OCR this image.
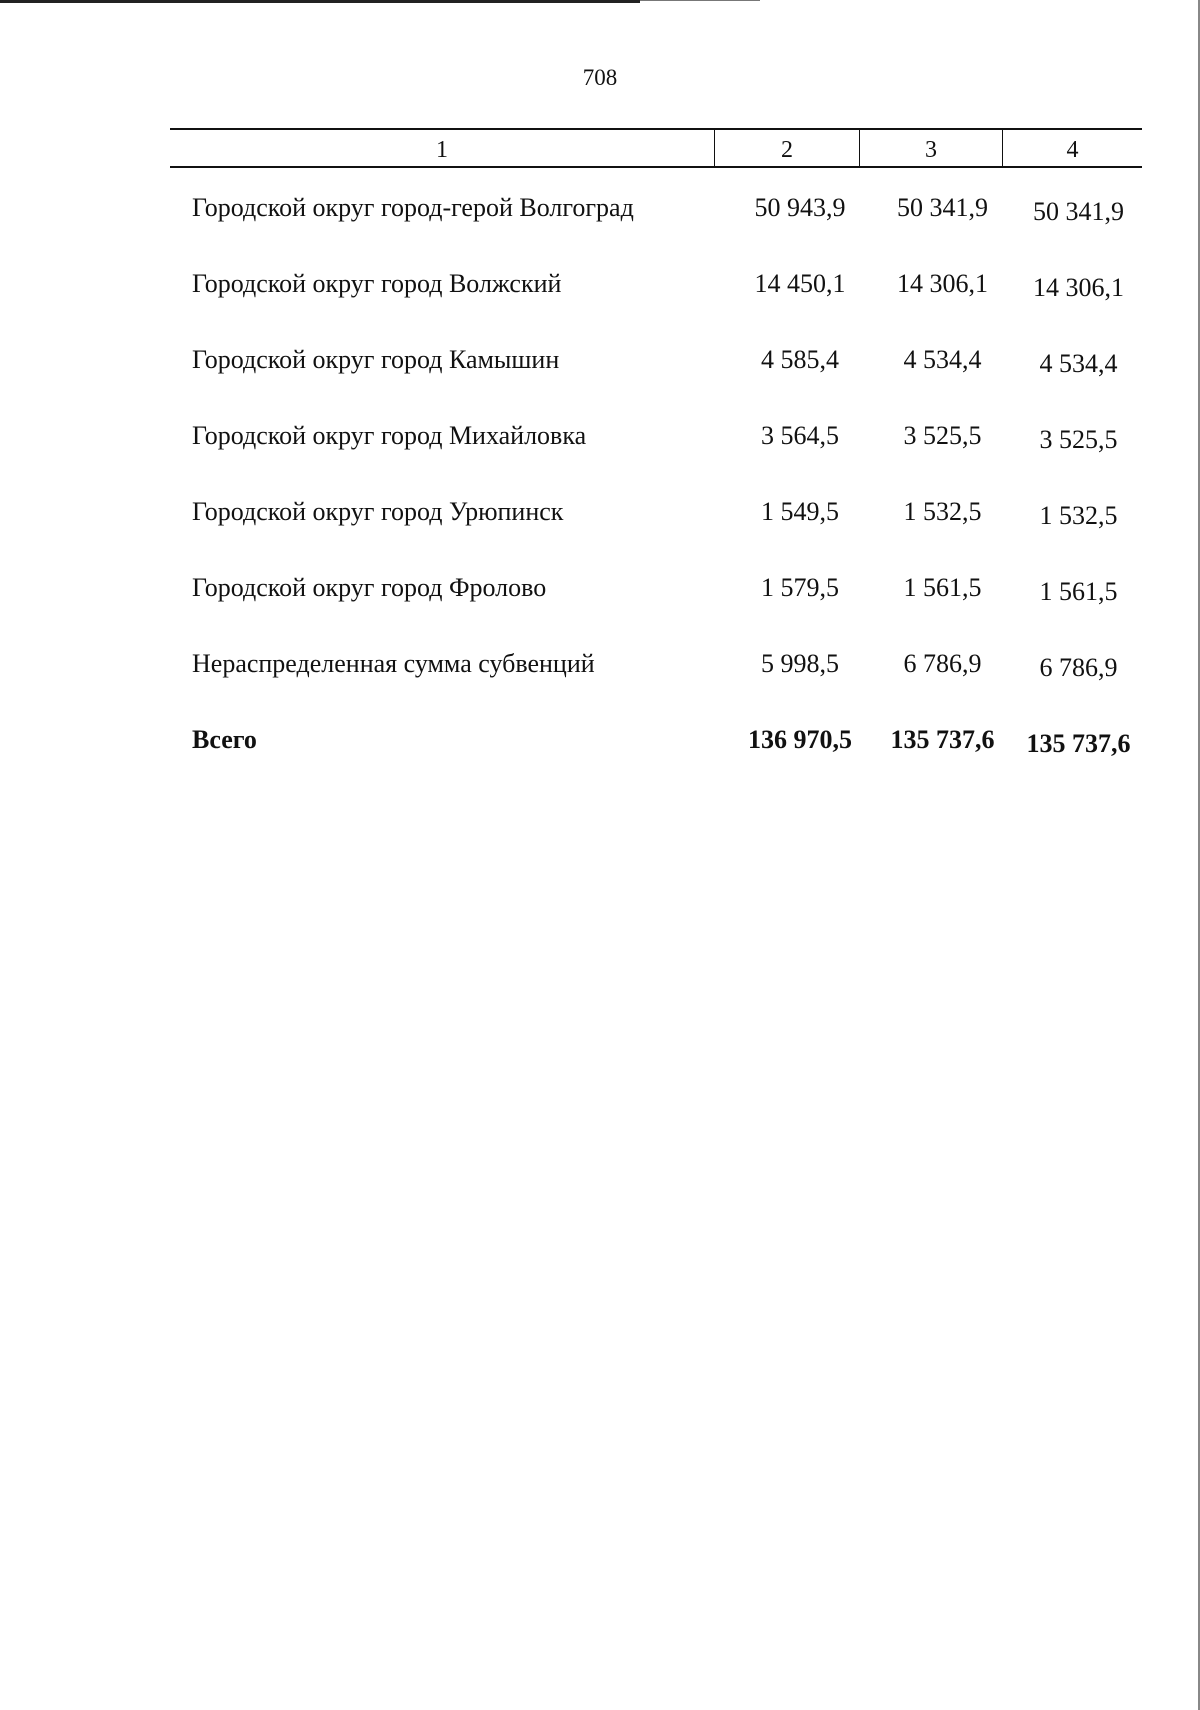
708
1	2	3	4
Городской округ город-герой Волгоград	50 943,9	50 341,9	50 341,9
Городской округ город Волжский	14 450,1	14 306,1	14 306,1
Городской округ город Камышин	4 585,4	4 534,4	4 534,4
Городской округ город Михайловка	3 564,5	3 525,5	3 525,5
Городской округ город Урюпинск	1 549,5	1 532,5	1 532,5
Городской округ город Фролово	1 579,5	1 561,5	1 561,5
Нераспределенная сумма субвенций	5 998,5	6 786,9	6 786,9
Всего	136 970,5	135 737,6	135 737,6
